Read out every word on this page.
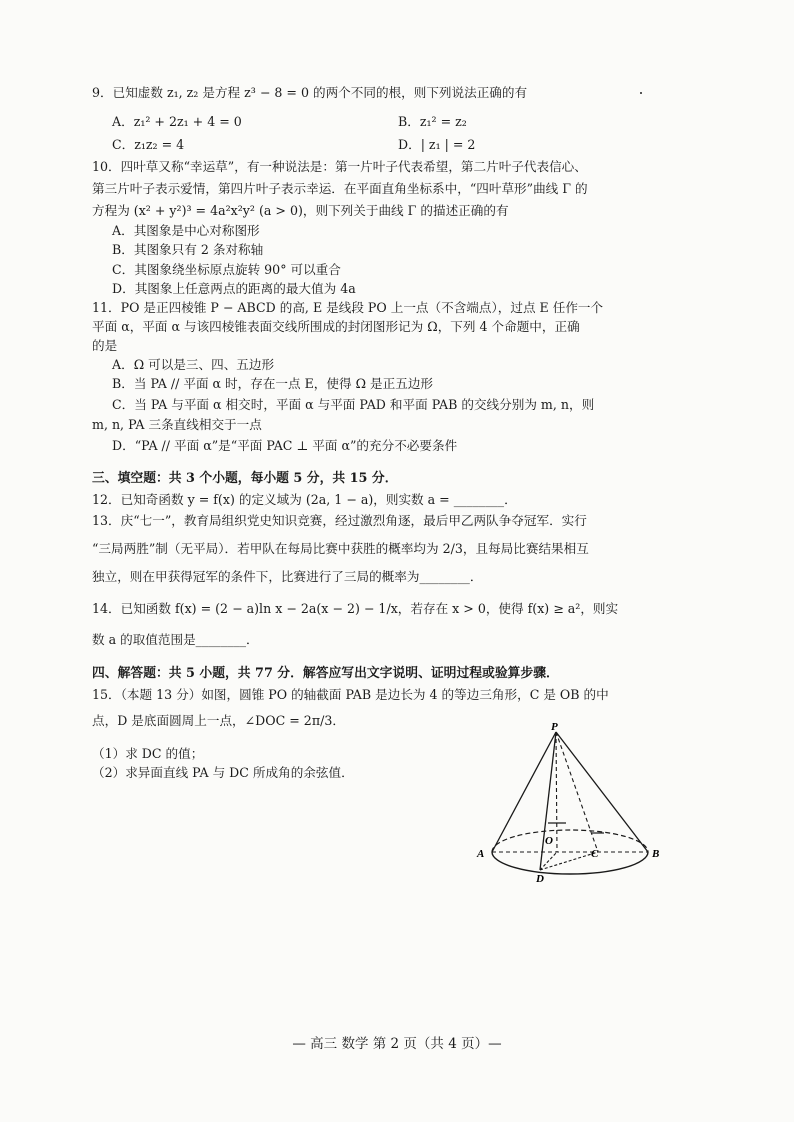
9．已知虚数 z₁, z₂ 是方程 z³ − 8 = 0 的两个不同的根，则下列说法正确的有
A．z₁² + 2z₁ + 4 = 0	B．z₁² = z₂
C．z₁z₂ = 4	D．| z₁ | = 2
10．四叶草又称“幸运草”，有一种说法是：第一片叶子代表希望，第二片叶子代表信心、
第三片叶子表示爱情，第四片叶子表示幸运．在平面直角坐标系中，“四叶草形”曲线 Γ 的
方程为 (x² + y²)³ = 4a²x²y² (a > 0)，则下列关于曲线 Γ 的描述正确的有
A．其图象是中心对称图形
B．其图象只有 2 条对称轴
C．其图象绕坐标原点旋转 90° 可以重合
D．其图象上任意两点的距离的最大值为 4a
11．PO 是正四棱锥 P − ABCD 的高, E 是线段 PO 上一点（不含端点），过点 E 任作一个
平面 α，平面 α 与该四棱锥表面交线所围成的封闭图形记为 Ω，下列 4 个命题中，正确
的是
A．Ω 可以是三、四、五边形
B．当 PA // 平面 α 时，存在一点 E，使得 Ω 是正五边形
C．当 PA 与平面 α 相交时，平面 α 与平面 PAD 和平面 PAB 的交线分别为 m, n，则
m, n, PA 三条直线相交于一点
D．“PA // 平面 α”是“平面 PAC ⊥ 平面 α”的充分不必要条件
三、填空题：共 3 个小题，每小题 5 分，共 15 分．
12．已知奇函数 y = f(x) 的定义域为 (2a, 1 − a)，则实数 a = ________．
13．庆“七一”，教育局组织党史知识竞赛，经过激烈角逐，最后甲乙两队争夺冠军．实行
“三局两胜”制（无平局）．若甲队在每局比赛中获胜的概率均为 2/3，且每局比赛结果相互
独立，则在甲获得冠军的条件下，比赛进行了三局的概率为________．
14．已知函数 f(x) = (2 − a)ln x − 2a(x − 2) − 1/x，若存在 x > 0，使得 f(x) ≥ a²，则实
数 a 的取值范围是________．
四、解答题：共 5 小题，共 77 分．解答应写出文字说明、证明过程或验算步骤．
15．（本题 13 分）如图，圆锥 PO 的轴截面 PAB 是边长为 4 的等边三角形，C 是 OB 的中
点，D 是底面圆周上一点，∠DOC = 2π/3．
（1）求 DC 的值；
（2）求异面直线 PA 与 DC 所成角的余弦值．
P
A	B
C
D
O
— 高三 数学 第 2 页（共 4 页）—
